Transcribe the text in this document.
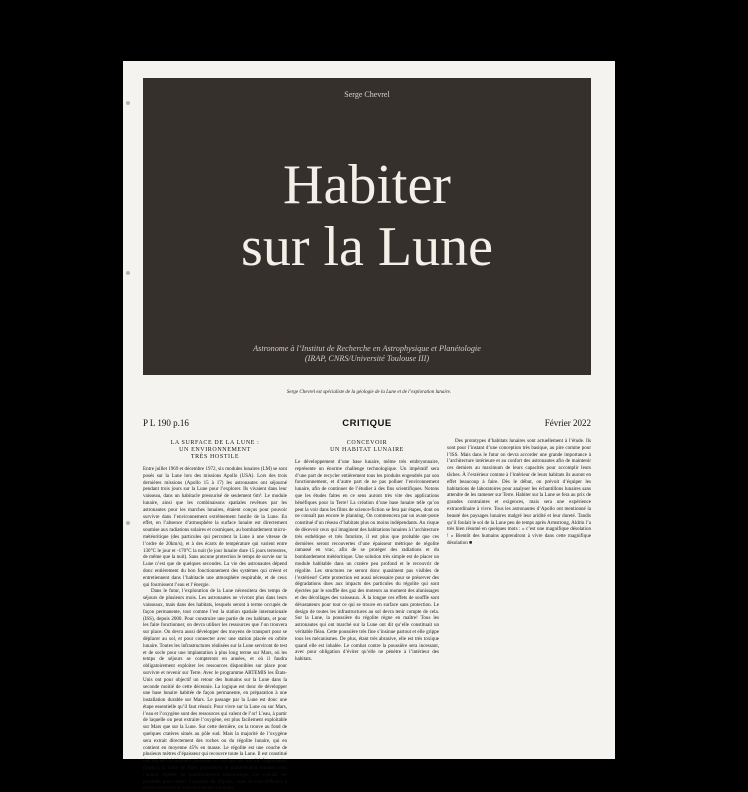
Serge Chevrel
Habiter
sur la Lune
Astronome à l’Institut de Recherche en Astrophysique et Planétologie
(IRAP, CNRS/Université Toulouse III)
Serge Chevrel est spécialiste de la géologie de la Lune et de l’exploration lunaire.
P L 190 p.16	CRITIQUE	Février 2022
LA SURFACE DE LA LUNE :
UN ENVIRONNEMENT
TRÈS HOSTILE

Entre juillet 1969 et décembre 1972, six modules lunaires (LM) se sont posés sur la Lune lors des missions Apollo (USA). Lors des trois dernières missions (Apollo 15 à 17) les astronautes ont séjourné pendant trois jours sur la Lune pour l’explorer. Ils vivaient dans leur vaisseau, dans un habitacle pressurisé de seulement 6m³. Le module lunaire, ainsi que les combinaisons spatiales revêtues par les astronautes pour les marches lunaires, étaient conçus pour pouvoir survivre dans l’environnement extrêmement hostile de la Lune. En effet, en l’absence d’atmosphère la surface lunaire est directement soumise aux radiations solaires et cosmiques, au bombardement micro-météoritique (des particules qui percutent la Lune à une vitesse de l’ordre de 20km/s), et à des écarts de température qui varient entre 130°C le jour et -170°C la nuit (le jour lunaire dure 15 jours terrestres, de même que la nuit). Sans aucune protection le temps de survie sur la Lune n’est que de quelques secondes. La vie des astronautes dépend donc entièrement du bon fonctionnement des systèmes qui créent et entretiennent dans l’habitacle une atmosphère respirable, et de ceux qui fournissent l’eau et l’énergie.

Dans le futur, l’exploration de la Lune nécessitera des temps de séjours de plusieurs mois. Les astronautes ne vivront plus dans leurs vaisseaux, mais dans des habitats, lesquels seront à terme occupés de façon permanente, tout comme l’est la station spatiale internationale (ISS), depuis 2000. Pour construire une partie de ces habitats, et pour les faire fonctionner, on devra utiliser les ressources que l’on trouvera sur place. On devra aussi développer des moyens de transport pour se déplacer au sol, et pour connecter avec une station placée en orbite lunaire. Toutes les infrastructures réalisées sur la Lune serviront de test et de socle pour une implantation à plus long terme sur Mars, où les temps de séjours se compteront en années, et où il faudra obligatoirement exploiter les ressources disponibles sur place pour survivre et revenir sur Terre. Avec le programme ARTEMIS les États-Unis ont pour objectif un retour des humains sur la Lune dans la seconde moitié de cette décennie. La logique est donc de développer une base lunaire habitée de façon permanente, en préparation à une installation durable sur Mars. Le passage par la Lune est donc une étape essentielle qu’il faut réussir. Pour vivre sur la Lune ou sur Mars, l’eau et l’oxygène sont des ressources qui valent de l’or! L’eau, à partir de laquelle on peut extraire l’oxygène, est plus facilement exploitable sur Mars que sur la Lune. Sur cette dernière, on la trouve au fond de quelques cratères situés au pôle sud. Mais la majorité de l’oxygène sera extrait directement des roches ou du régolite lunaire, qui en contient en moyenne 45% en masse. Le régolite est une couche de plusieurs mètres d’épaisseur qui recouvre toute la Lune. Il est constitué des roches initialement présentes en surface qui ont été fragmentées (jusqu’à la taille de fines poussières) et partiellement fondues sous l’action répétée du bombardement météoritique. On connaît les procédés pour retirer l’oxygène du régolite, mais ils sont difficiles à mettre en œuvre et consommateurs d’énergie.

CONCEVOIR
UN HABITAT LUNAIRE

Le développement d’une base lunaire, même très embryonnaire, représente un énorme challenge technologique. Un impératif sera d’une part de recycler entièrement tous les produits engendrés par son fonctionnement, et d’autre part de ne pas polluer l’environnement lunaire, afin de continuer de l’étudier à des fins scientifiques. Notons que les études faites en ce sens auront très vite des applications bénéfiques pour la Terre! La création d’une base lunaire telle qu’on peut la voir dans les films de science-fiction se fera par étapes, dont on ne connaît pas encore le planning. On commencera par un avant-poste constitué d’un réseau d’habitats plus ou moins indépendants. Au risque de décevoir ceux qui imaginent des habitations lunaires à l’architecture très esthétique et très futuriste, il est plus que probable que ces dernières seront recouvertes d’une épaisseur métrique de régolite ramassé en vrac, afin de se protéger des radiations et du bombardement météoritique. Une solution très simple est de placer un module habitable dans un cratère peu profond et le recouvrir de régolite. Les structures ne seront donc quasiment pas visibles de l’extérieur! Cette protection est aussi nécessaire pour se préserver des dégradations dues aux impacts des particules du régolite qui sont éjectées par le souffle des gaz des moteurs au moment des alunissages et des décollages des vaisseaux. À la longue ces effets de souffle sont dévastateurs pour tout ce qui se trouve en surface sans protection. Le design de toutes les infrastructures au sol devra tenir compte de cela. Sur la Lune, la poussière du régolite règne en maître! Tous les astronautes qui ont marché sur la Lune ont dit qu’elle constituait un véritable fléau. Cette poussière très fine s’insinue partout et elle grippe tous les mécanismes. De plus, étant très abrasive, elle est très toxique quand elle est inhalée. Le combat contre la poussière sera incessant, avec pour obligation d’éviter qu’elle ne pénètre à l’intérieur des habitats.

Des prototypes d’habitats lunaires sont actuellement à l’étude. Ils sont pour l’instant d’une conception très basique, au pire comme pour l’ISS. Mais dans le futur on devra accorder une grande importance à l’architecture intérieure et au confort des astronautes afin de maintenir ces derniers au maximum de leurs capacités pour accomplir leurs tâches. À l’extérieur comme à l’intérieur de leurs habitats ils auront en effet beaucoup à faire. Dès le début, on prévoit d’équiper les habitations de laboratoires pour analyser les échantillons lunaires sans attendre de les ramener sur Terre. Habiter sur la Lune se fera au prix de grandes contraintes et exigences, mais sera une expérience extraordinaire à vivre. Tous les astronautes d’Apollo ont mentionné la beauté des paysages lunaires malgré leur aridité et leur dureté. Tandis qu’il foulait le sol de la Lune peu de temps après Armstrong, Aldrin l’a très bien résumé en quelques mots : « c’est une magnifique désolation ! » Bientôt des humains apprendront à vivre dans cette magnifique désolation ■
